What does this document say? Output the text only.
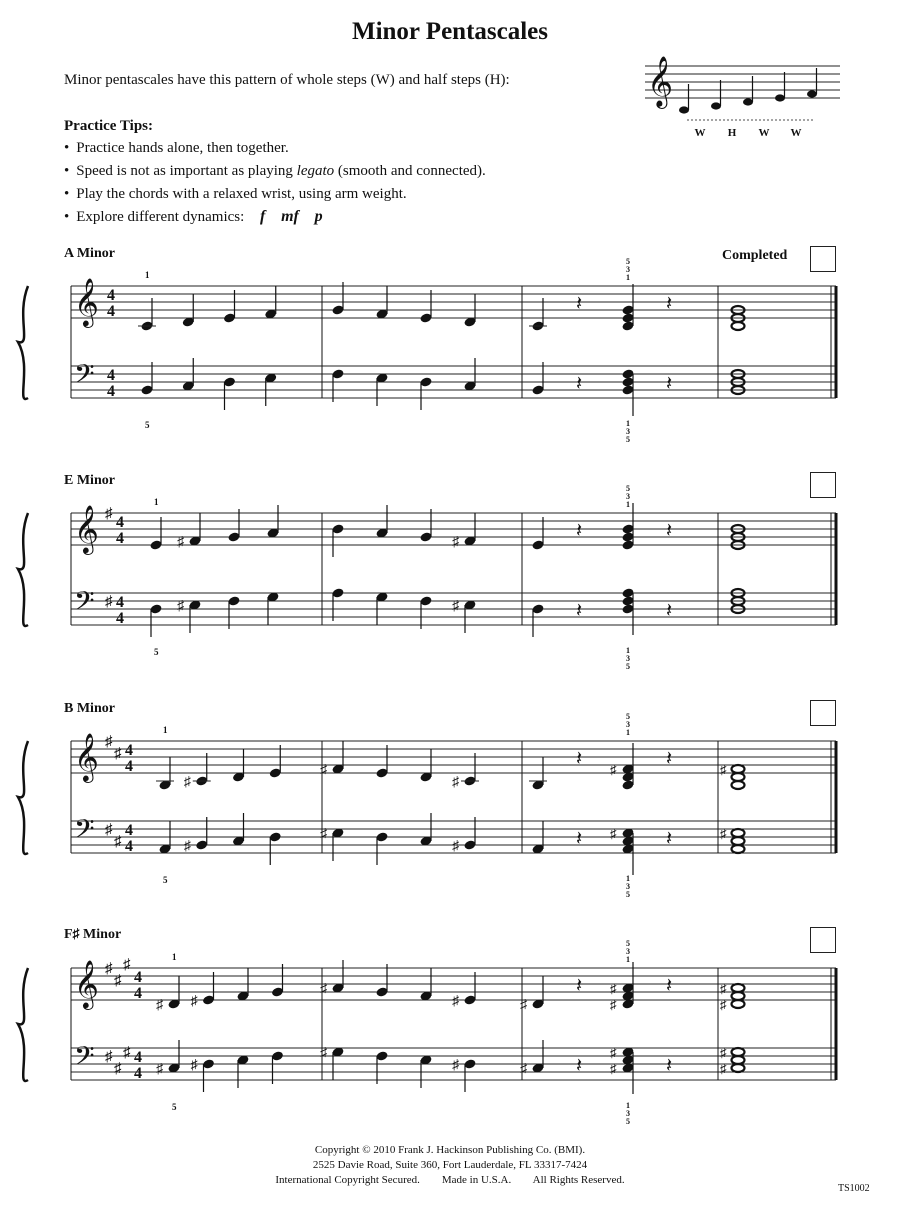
Minor Pentascales
Minor pentascales have this pattern of whole steps (W) and half steps (H):	𝄞
W H W W
Practice Tips:
• Practice hands alone, then together.
• Speed is not as important as playing legato (smooth and connected).
• Play the chords with a relaxed wrist, using arm weight.
• Explore different dynamics: f mf p
Completed
A Minor
E Minor
B Minor
F♯ Minor
𝄞
𝄢
4
4
4
4
1
5
𝄽
𝄽
𝄽
𝄽
5
3
1
1
3
5
𝄞
𝄢
♯
♯
4
4
4
4
♯
♯
♯
♯
1
5
𝄽
𝄽
𝄽
𝄽
5
3
1
1
3
5
𝄞
𝄢
♯
♯
♯
♯
4
4
4
4
♯
♯
♯
♯
♯
♯
1
5
𝄽
𝄽
𝄽
𝄽
♯
♯
5
3
1
1
3
5
♯
♯
𝄞
𝄢
♯
♯
♯
♯
♯
♯
4
4
4
4
♯
♯
♯
♯
♯
♯
♯
♯
1
5
♯
♯
𝄽
𝄽
𝄽
𝄽
♯
♯
♯
♯
5
3
1
1
3
5
♯
♯
♯
♯
Copyright © 2010 Frank J. Hackinson Publishing Co. (BMI).
2525 Davie Road, Suite 360, Fort Lauderdale, FL 33317-7424
International Copyright Secured. Made in U.S.A. All Rights Reserved.
TS1002
